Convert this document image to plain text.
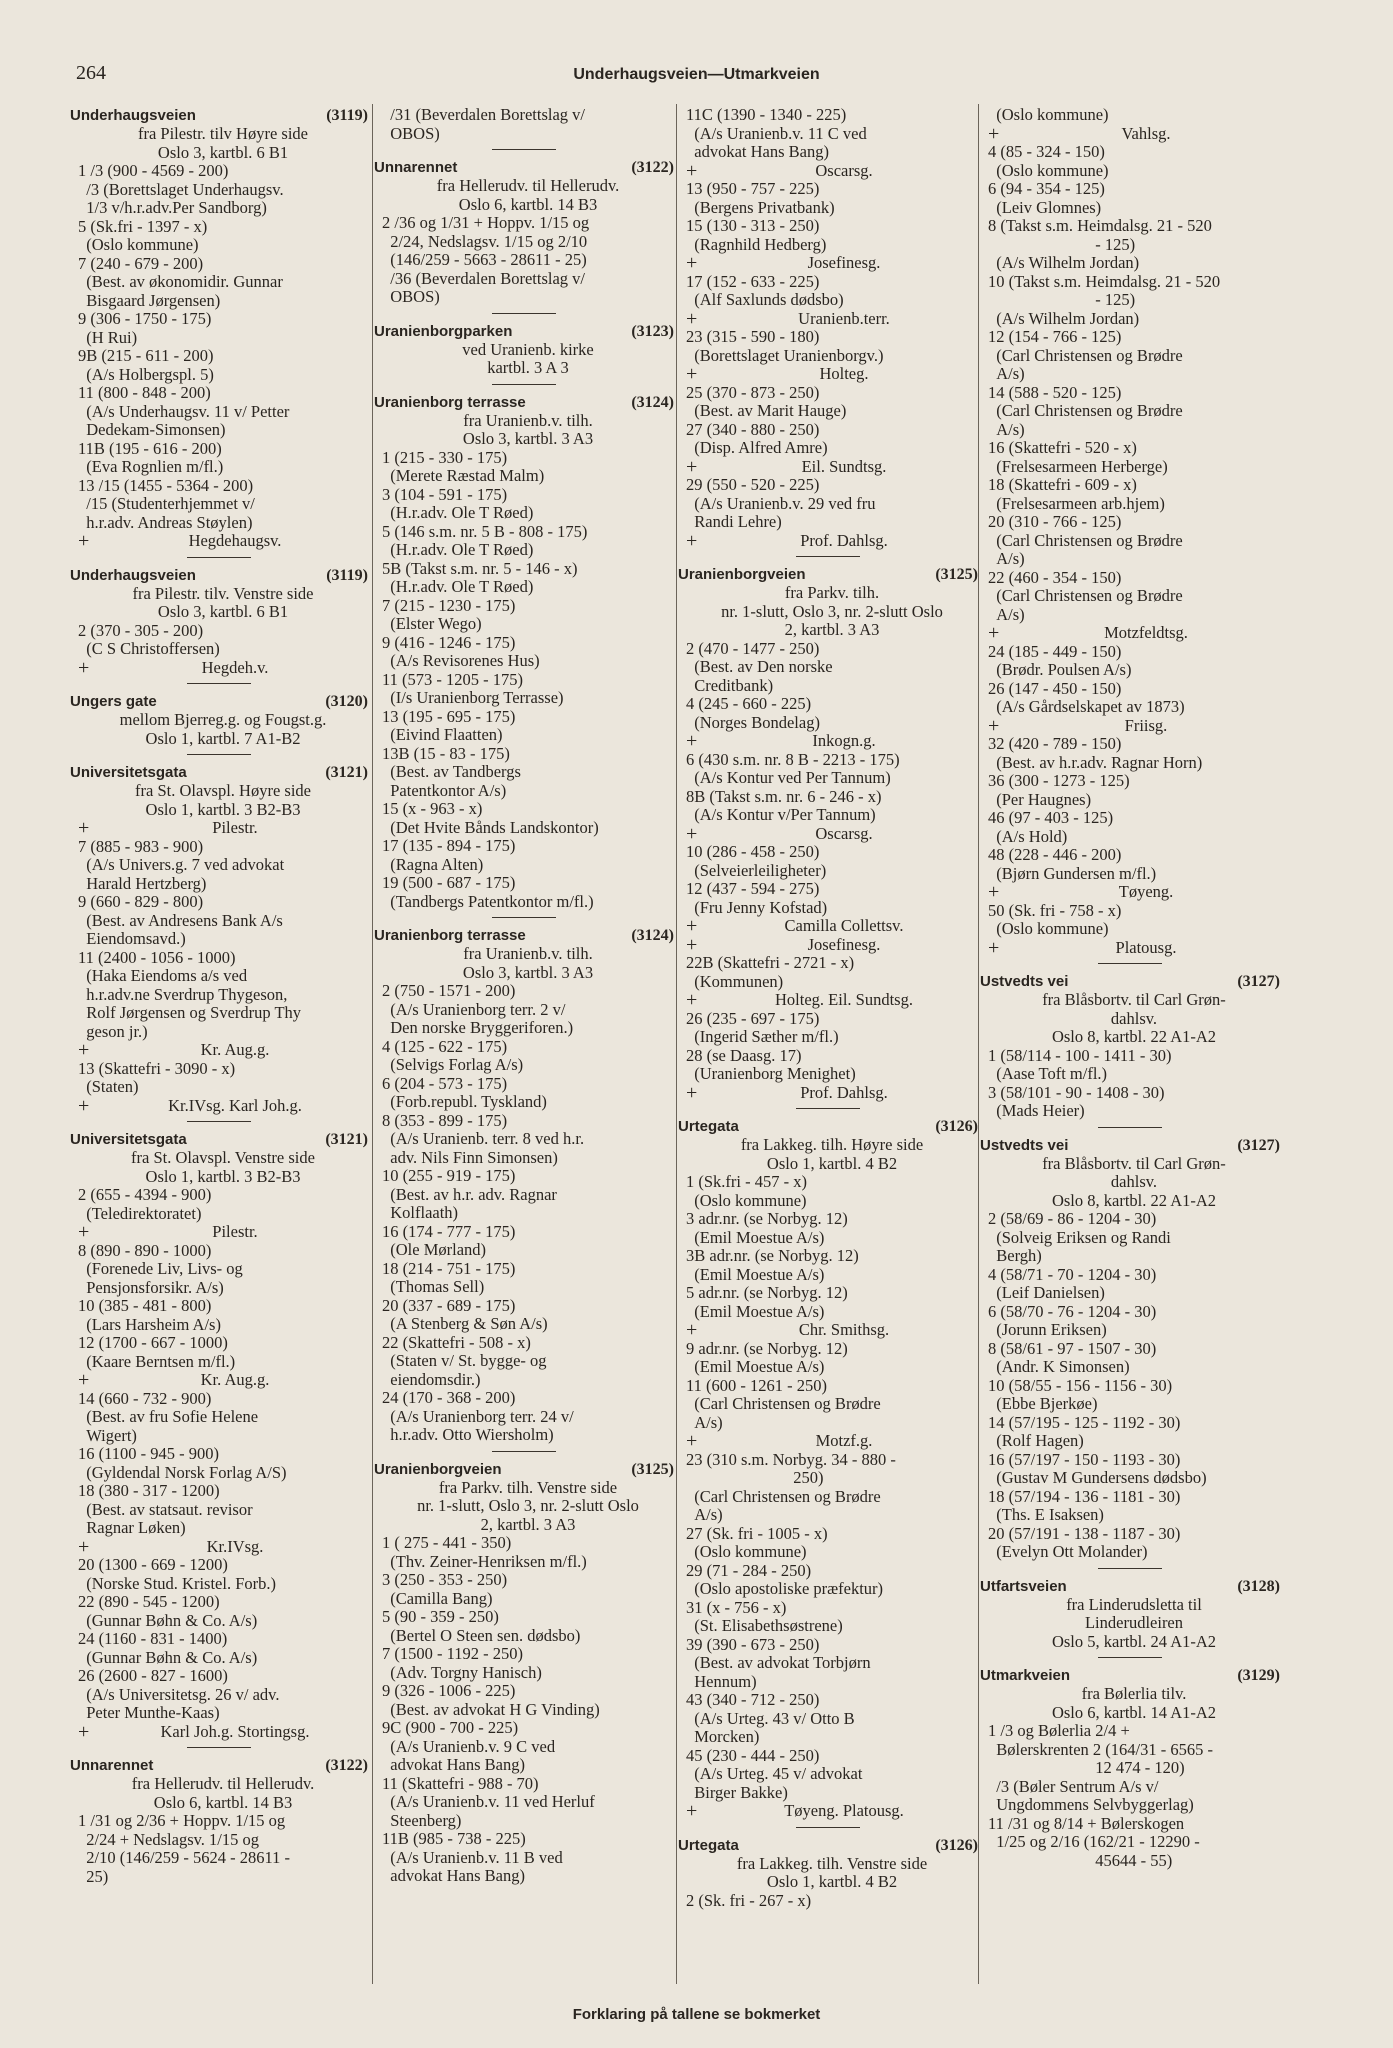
264	Underhaugsveien—Utmarkveien
Underhaugsveien	(3119)
fra Pilestr. tilv Høyre side
Oslo 3, kartbl. 6 B1
1 /3 (900 - 4569 - 200)
/3 (Borettslaget Underhaugsv.
1/3 v/h.r.adv.Per Sandborg)
5 (Sk.fri - 1397 - x)
(Oslo kommune)
7 (240 - 679 - 200)
(Best. av økonomidir. Gunnar
Bisgaard Jørgensen)
9 (306 - 1750 - 175)
(H Rui)
9B (215 - 611 - 200)
(A/s Holbergspl. 5)
11 (800 - 848 - 200)
(A/s Underhaugsv. 11 v/ Petter
Dedekam-Simonsen)
11B (195 - 616 - 200)
(Eva Rognlien m/fl.)
13 /15 (1455 - 5364 - 200)
/15 (Studenterhjemmet v/
h.r.adv. Andreas Støylen)
+	Hegdehaugsv.
Underhaugsveien	(3119)
fra Pilestr. tilv. Venstre side
Oslo 3, kartbl. 6 B1
2 (370 - 305 - 200)
(C S Christoffersen)
+	Hegdeh.v.
Ungers gate	(3120)
mellom Bjerreg.g. og Fougst.g.
Oslo 1, kartbl. 7 A1-B2
Universitetsgata	(3121)
fra St. Olavspl. Høyre side
Oslo 1, kartbl. 3 B2-B3
+	Pilestr.
7 (885 - 983 - 900)
(A/s Univers.g. 7 ved advokat
Harald Hertzberg)
9 (660 - 829 - 800)
(Best. av Andresens Bank A/s
Eiendomsavd.)
11 (2400 - 1056 - 1000)
(Haka Eiendoms a/s ved
h.r.adv.ne Sverdrup Thygeson,
Rolf Jørgensen og Sverdrup Thy
geson jr.)
+	Kr. Aug.g.
13 (Skattefri - 3090 - x)
(Staten)
+	Kr.IVsg. Karl Joh.g.
Universitetsgata	(3121)
fra St. Olavspl. Venstre side
Oslo 1, kartbl. 3 B2-B3
2 (655 - 4394 - 900)
(Teledirektoratet)
+	Pilestr.
8 (890 - 890 - 1000)
(Forenede Liv, Livs- og
Pensjonsforsikr. A/s)
10 (385 - 481 - 800)
(Lars Harsheim A/s)
12 (1700 - 667 - 1000)
(Kaare Berntsen m/fl.)
+	Kr. Aug.g.
14 (660 - 732 - 900)
(Best. av fru Sofie Helene
Wigert)
16 (1100 - 945 - 900)
(Gyldendal Norsk Forlag A/S)
18 (380 - 317 - 1200)
(Best. av statsaut. revisor
Ragnar Løken)
+	Kr.IVsg.
20 (1300 - 669 - 1200)
(Norske Stud. Kristel. Forb.)
22 (890 - 545 - 1200)
(Gunnar Bøhn & Co. A/s)
24 (1160 - 831 - 1400)
(Gunnar Bøhn & Co. A/s)
26 (2600 - 827 - 1600)
(A/s Universitetsg. 26 v/ adv.
Peter Munthe-Kaas)
+	Karl Joh.g. Stortingsg.
Unnarennet	(3122)
fra Hellerudv. til Hellerudv.
Oslo 6, kartbl. 14 B3
1 /31 og 2/36 + Hoppv. 1/15 og
2/24 + Nedslagsv. 1/15 og
2/10 (146/259 - 5624 - 28611 -
25)
/31 (Beverdalen Borettslag v/
OBOS)
Unnarennet	(3122)
fra Hellerudv. til Hellerudv.
Oslo 6, kartbl. 14 B3
2 /36 og 1/31 + Hoppv. 1/15 og
2/24, Nedslagsv. 1/15 og 2/10
(146/259 - 5663 - 28611 - 25)
/36 (Beverdalen Borettslag v/
OBOS)
Uranienborgparken	(3123)
ved Uranienb. kirke
kartbl. 3 A 3
Uranienborg terrasse	(3124)
fra Uranienb.v. tilh.
Oslo 3, kartbl. 3 A3
1 (215 - 330 - 175)
(Merete Ræstad Malm)
3 (104 - 591 - 175)
(H.r.adv. Ole T Røed)
5 (146 s.m. nr. 5 B - 808 - 175)
(H.r.adv. Ole T Røed)
5B (Takst s.m. nr. 5 - 146 - x)
(H.r.adv. Ole T Røed)
7 (215 - 1230 - 175)
(Elster Wego)
9 (416 - 1246 - 175)
(A/s Revisorenes Hus)
11 (573 - 1205 - 175)
(I/s Uranienborg Terrasse)
13 (195 - 695 - 175)
(Eivind Flaatten)
13B (15 - 83 - 175)
(Best. av Tandbergs
Patentkontor A/s)
15 (x - 963 - x)
(Det Hvite Bånds Landskontor)
17 (135 - 894 - 175)
(Ragna Alten)
19 (500 - 687 - 175)
(Tandbergs Patentkontor m/fl.)
Uranienborg terrasse	(3124)
fra Uranienb.v. tilh.
Oslo 3, kartbl. 3 A3
2 (750 - 1571 - 200)
(A/s Uranienborg terr. 2 v/
Den norske Bryggeriforen.)
4 (125 - 622 - 175)
(Selvigs Forlag A/s)
6 (204 - 573 - 175)
(Forb.republ. Tyskland)
8 (353 - 899 - 175)
(A/s Uranienb. terr. 8 ved h.r.
adv. Nils Finn Simonsen)
10 (255 - 919 - 175)
(Best. av h.r. adv. Ragnar
Kolflaath)
16 (174 - 777 - 175)
(Ole Mørland)
18 (214 - 751 - 175)
(Thomas Sell)
20 (337 - 689 - 175)
(A Stenberg & Søn A/s)
22 (Skattefri - 508 - x)
(Staten v/ St. bygge- og
eiendomsdir.)
24 (170 - 368 - 200)
(A/s Uranienborg terr. 24 v/
h.r.adv. Otto Wiersholm)
Uranienborgveien	(3125)
fra Parkv. tilh. Venstre side
nr. 1-slutt, Oslo 3, nr. 2-slutt Oslo
2, kartbl. 3 A3
1 ( 275 - 441 - 350)
(Thv. Zeiner-Henriksen m/fl.)
3 (250 - 353 - 250)
(Camilla Bang)
5 (90 - 359 - 250)
(Bertel O Steen sen. dødsbo)
7 (1500 - 1192 - 250)
(Adv. Torgny Hanisch)
9 (326 - 1006 - 225)
(Best. av advokat H G Vinding)
9C (900 - 700 - 225)
(A/s Uranienb.v. 9 C ved
advokat Hans Bang)
11 (Skattefri - 988 - 70)
(A/s Uranienb.v. 11 ved Herluf
Steenberg)
11B (985 - 738 - 225)
(A/s Uranienb.v. 11 B ved
advokat Hans Bang)
11C (1390 - 1340 - 225)
(A/s Uranienb.v. 11 C ved
advokat Hans Bang)
+	Oscarsg.
13 (950 - 757 - 225)
(Bergens Privatbank)
15 (130 - 313 - 250)
(Ragnhild Hedberg)
+	Josefinesg.
17 (152 - 633 - 225)
(Alf Saxlunds dødsbo)
+	Uranienb.terr.
23 (315 - 590 - 180)
(Borettslaget Uranienborgv.)
+	Holteg.
25 (370 - 873 - 250)
(Best. av Marit Hauge)
27 (340 - 880 - 250)
(Disp. Alfred Amre)
+	Eil. Sundtsg.
29 (550 - 520 - 225)
(A/s Uranienb.v. 29 ved fru
Randi Lehre)
+	Prof. Dahlsg.
Uranienborgveien	(3125)
fra Parkv. tilh.
nr. 1-slutt, Oslo 3, nr. 2-slutt Oslo
2, kartbl. 3 A3
2 (470 - 1477 - 250)
(Best. av Den norske
Creditbank)
4 (245 - 660 - 225)
(Norges Bondelag)
+	Inkogn.g.
6 (430 s.m. nr. 8 B - 2213 - 175)
(A/s Kontur ved Per Tannum)
8B (Takst s.m. nr. 6 - 246 - x)
(A/s Kontur v/Per Tannum)
+	Oscarsg.
10 (286 - 458 - 250)
(Selveierleiligheter)
12 (437 - 594 - 275)
(Fru Jenny Kofstad)
+	Camilla Collettsv.
+	Josefinesg.
22B (Skattefri - 2721 - x)
(Kommunen)
+	Holteg. Eil. Sundtsg.
26 (235 - 697 - 175)
(Ingerid Sæther m/fl.)
28 (se Daasg. 17)
(Uranienborg Menighet)
+	Prof. Dahlsg.
Urtegata	(3126)
fra Lakkeg. tilh. Høyre side
Oslo 1, kartbl. 4 B2
1 (Sk.fri - 457 - x)
(Oslo kommune)
3 adr.nr. (se Norbyg. 12)
(Emil Moestue A/s)
3B adr.nr. (se Norbyg. 12)
(Emil Moestue A/s)
5 adr.nr. (se Norbyg. 12)
(Emil Moestue A/s)
+	Chr. Smithsg.
9 adr.nr. (se Norbyg. 12)
(Emil Moestue A/s)
11 (600 - 1261 - 250)
(Carl Christensen og Brødre
A/s)
+	Motzf.g.
23 (310 s.m. Norbyg. 34 - 880 -
250)
(Carl Christensen og Brødre
A/s)
27 (Sk. fri - 1005 - x)
(Oslo kommune)
29 (71 - 284 - 250)
(Oslo apostoliske præfektur)
31 (x - 756 - x)
(St. Elisabethsøstrene)
39 (390 - 673 - 250)
(Best. av advokat Torbjørn
Hennum)
43 (340 - 712 - 250)
(A/s Urteg. 43 v/ Otto B
Morcken)
45 (230 - 444 - 250)
(A/s Urteg. 45 v/ advokat
Birger Bakke)
+	Tøyeng. Platousg.
Urtegata	(3126)
fra Lakkeg. tilh. Venstre side
Oslo 1, kartbl. 4 B2
2 (Sk. fri - 267 - x)
(Oslo kommune)
+	Vahlsg.
4 (85 - 324 - 150)
(Oslo kommune)
6 (94 - 354 - 125)
(Leiv Glomnes)
8 (Takst s.m. Heimdalsg. 21 - 520
- 125)
(A/s Wilhelm Jordan)
10 (Takst s.m. Heimdalsg. 21 - 520
- 125)
(A/s Wilhelm Jordan)
12 (154 - 766 - 125)
(Carl Christensen og Brødre
A/s)
14 (588 - 520 - 125)
(Carl Christensen og Brødre
A/s)
16 (Skattefri - 520 - x)
(Frelsesarmeen Herberge)
18 (Skattefri - 609 - x)
(Frelsesarmeen arb.hjem)
20 (310 - 766 - 125)
(Carl Christensen og Brødre
A/s)
22 (460 - 354 - 150)
(Carl Christensen og Brødre
A/s)
+	Motzfeldtsg.
24 (185 - 449 - 150)
(Brødr. Poulsen A/s)
26 (147 - 450 - 150)
(A/s Gårdselskapet av 1873)
+	Friisg.
32 (420 - 789 - 150)
(Best. av h.r.adv. Ragnar Horn)
36 (300 - 1273 - 125)
(Per Haugnes)
46 (97 - 403 - 125)
(A/s Hold)
48 (228 - 446 - 200)
(Bjørn Gundersen m/fl.)
+	Tøyeng.
50 (Sk. fri - 758 - x)
(Oslo kommune)
+	Platousg.
Ustvedts vei	(3127)
fra Blåsbortv. til Carl Grøn-
dahlsv.
Oslo 8, kartbl. 22 A1-A2
1 (58/114 - 100 - 1411 - 30)
(Aase Toft m/fl.)
3 (58/101 - 90 - 1408 - 30)
(Mads Heier)
Ustvedts vei	(3127)
fra Blåsbortv. til Carl Grøn-
dahlsv.
Oslo 8, kartbl. 22 A1-A2
2 (58/69 - 86 - 1204 - 30)
(Solveig Eriksen og Randi
Bergh)
4 (58/71 - 70 - 1204 - 30)
(Leif Danielsen)
6 (58/70 - 76 - 1204 - 30)
(Jorunn Eriksen)
8 (58/61 - 97 - 1507 - 30)
(Andr. K Simonsen)
10 (58/55 - 156 - 1156 - 30)
(Ebbe Bjerkøe)
14 (57/195 - 125 - 1192 - 30)
(Rolf Hagen)
16 (57/197 - 150 - 1193 - 30)
(Gustav M Gundersens dødsbo)
18 (57/194 - 136 - 1181 - 30)
(Ths. E Isaksen)
20 (57/191 - 138 - 1187 - 30)
(Evelyn Ott Molander)
Utfartsveien	(3128)
fra Linderudsletta til
Linderudleiren
Oslo 5, kartbl. 24 A1-A2
Utmarkveien	(3129)
fra Bølerlia tilv.
Oslo 6, kartbl. 14 A1-A2
1 /3 og Bølerlia 2/4 +
Bølerskrenten 2 (164/31 - 6565 -
12 474 - 120)
/3 (Bøler Sentrum A/s v/
Ungdommens Selvbyggerlag)
11 /31 og 8/14 + Bølerskogen
1/25 og 2/16 (162/21 - 12290 -
45644 - 55)
Forklaring på tallene se bokmerket
